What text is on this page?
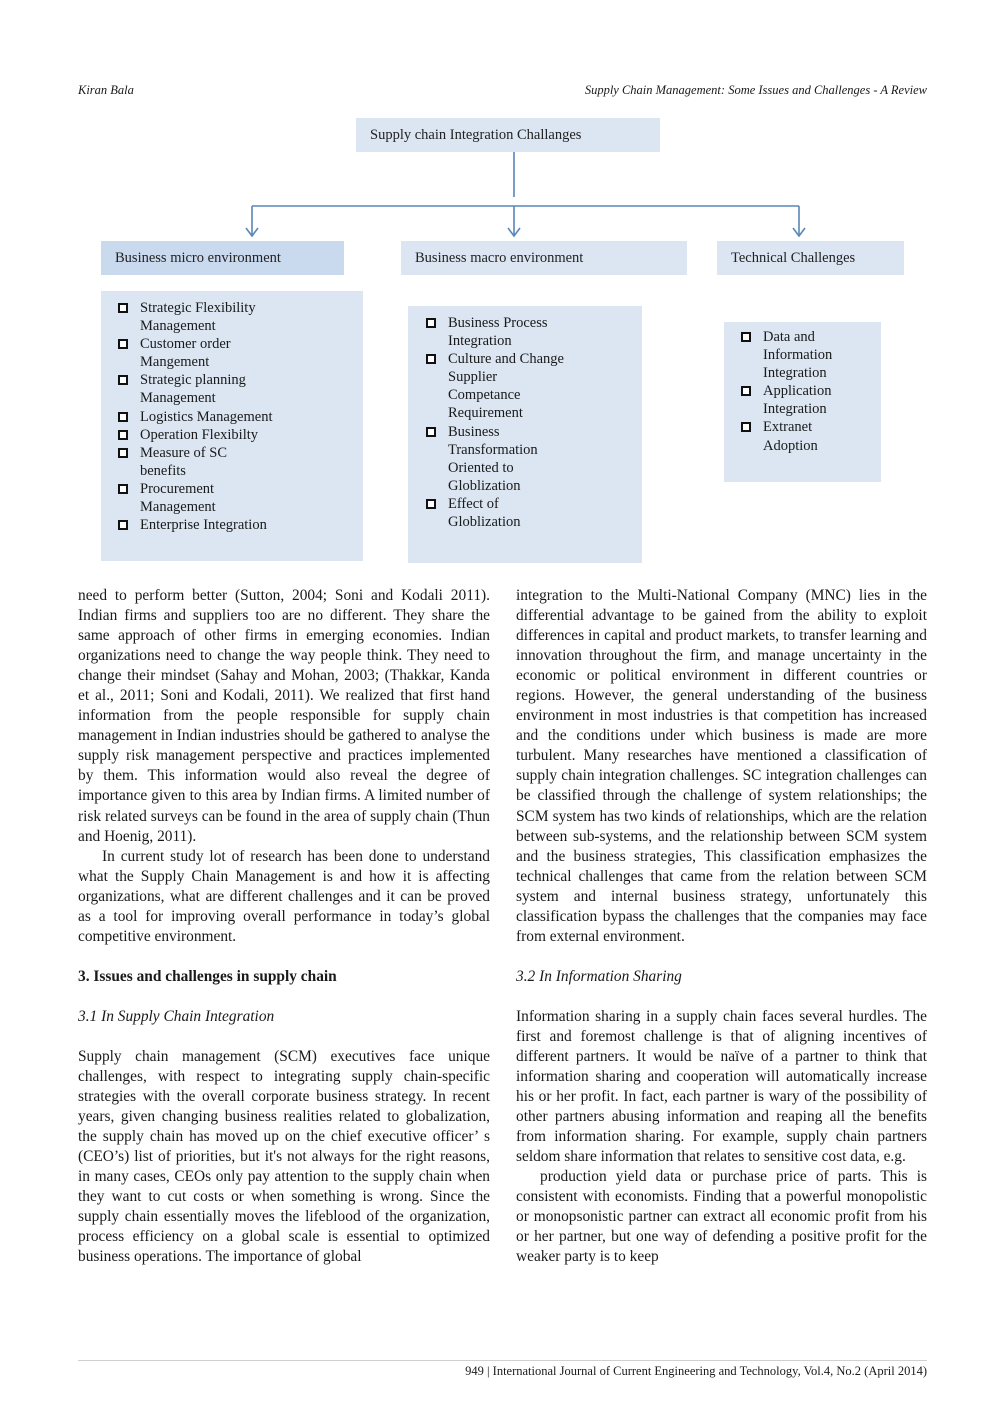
Kiran Bala	Supply Chain Management: Some Issues and Challenges - A Review
Supply chain Integration Challanges
Business micro environment	Business macro environment	Technical Challenges
Strategic Flexibility Management
Customer order Mangement
Strategic planning Management
Logistics Management
Operation Flexibilty
Measure of SC benefits
Procurement Management
Enterprise Integration
Business Process Integration
Culture and Change Supplier Competance Requirement
Business Transformation Oriented to Globlization
Effect of Globlization
Data and Information Integration
Application Integration
Extranet Adoption

need to perform better (Sutton, 2004; Soni and Kodali 2011). Indian firms and suppliers too are no different. They share the same approach of other firms in emerging economies. Indian organizations need to change the way people think. They need to change their mindset (Sahay and Mohan, 2003; (Thakkar, Kanda et al., 2011; Soni and Kodali, 2011). We realized that first hand information from the people responsible for supply chain management in Indian industries should be gathered to analyse the supply risk management perspective and practices implemented by them. This information would also reveal the degree of importance given to this area by Indian firms. A limited number of risk related surveys can be found in the area of supply chain (Thun and Hoenig, 2011).

In current study lot of research has been done to understand what the Supply Chain Management is and how it is affecting organizations, what are different challenges and it can be proved as a tool for improving overall performance in today’s global competitive environment.

3. Issues and challenges in supply chain

3.1 In Supply Chain Integration

Supply chain management (SCM) executives face unique challenges, with respect to integrating supply chain-specific strategies with the overall corporate business strategy. In recent years, given changing business realities related to globalization, the supply chain has moved up on the chief executive officer’ s (CEO’s) list of priorities, but it's not always for the right reasons, in many cases, CEOs only pay attention to the supply chain when they want to cut costs or when something is wrong. Since the supply chain essentially moves the lifeblood of the organization, process efficiency on a global scale is essential to optimized business operations. The importance of global

integration to the Multi-National Company (MNC) lies in the differential advantage to be gained from the ability to exploit differences in capital and product markets, to transfer learning and innovation throughout the firm, and manage uncertainty in the economic or political environment in different countries or regions. However, the general understanding of the business environment in most industries is that competition has increased and the conditions under which business is made are more turbulent. Many researches have mentioned a classification of supply chain integration challenges. SC integration challenges can be classified through the challenge of system relationships; the SCM system has two kinds of relationships, which are the relation between sub-systems, and the relationship between SCM system and the business strategies, This classification emphasizes the technical challenges that came from the relation between SCM system and internal business strategy, unfortunately this classification bypass the challenges that the companies may face from external environment.

3.2 In Information Sharing

Information sharing in a supply chain faces several hurdles. The first and foremost challenge is that of aligning incentives of different partners. It would be naïve of a partner to think that information sharing and cooperation will automatically increase his or her profit. In fact, each partner is wary of the possibility of other partners abusing information and reaping all the benefits from information sharing. For example, supply chain partners seldom share information that relates to sensitive cost data, e.g.

production yield data or purchase price of parts. This is consistent with economists. Finding that a powerful monopolistic or monopsonistic partner can extract all economic profit from his or her partner, but one way of defending a positive profit for the weaker party is to keep

949 | International Journal of Current Engineering and Technology, Vol.4, No.2 (April 2014)
